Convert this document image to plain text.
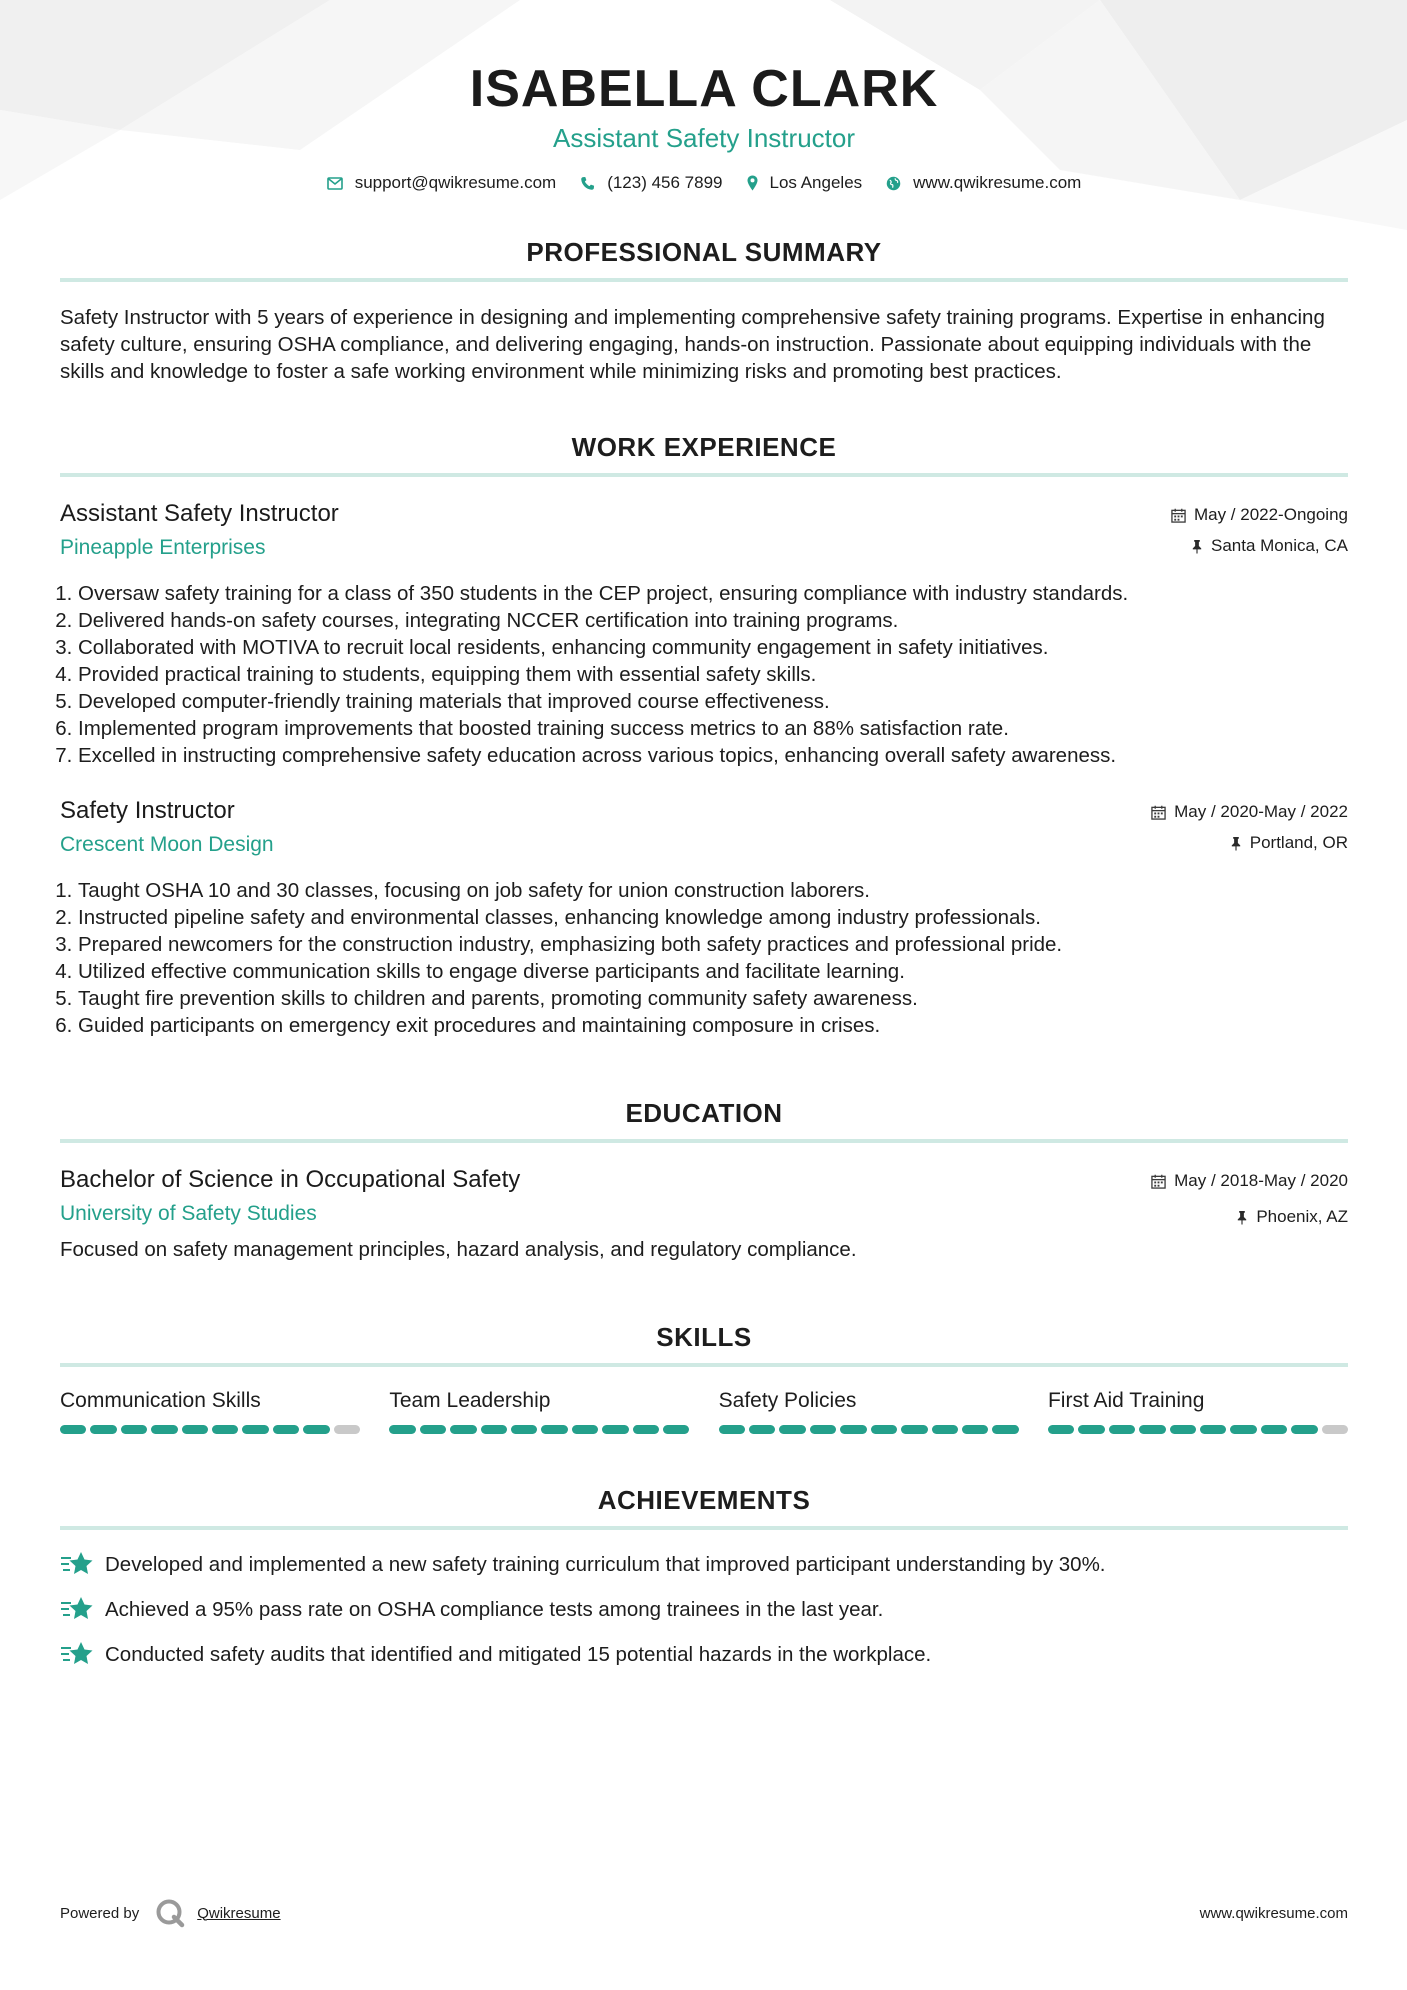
ISABELLA CLARK
Assistant Safety Instructor
support@qwikresume.com	(123) 456 7899	Los Angeles	www.qwikresume.com
PROFESSIONAL SUMMARY

Safety Instructor with 5 years of experience in designing and implementing comprehensive safety training programs. Expertise in enhancing safety culture, ensuring OSHA compliance, and delivering engaging, hands-on instruction. Passionate about equipping individuals with the skills and knowledge to foster a safe working environment while minimizing risks and promoting best practices.

WORK EXPERIENCE
Assistant Safety Instructor
Pineapple Enterprises
May / 2022-Ongoing
Santa Monica, CA
1. Oversaw safety training for a class of 350 students in the CEP project, ensuring compliance with industry standards.
2. Delivered hands-on safety courses, integrating NCCER certification into training programs.
3. Collaborated with MOTIVA to recruit local residents, enhancing community engagement in safety initiatives.
4. Provided practical training to students, equipping them with essential safety skills.
5. Developed computer-friendly training materials that improved course effectiveness.
6. Implemented program improvements that boosted training success metrics to an 88% satisfaction rate.
7. Excelled in instructing comprehensive safety education across various topics, enhancing overall safety awareness.
Safety Instructor
Crescent Moon Design
May / 2020-May / 2022
Portland, OR
1. Taught OSHA 10 and 30 classes, focusing on job safety for union construction laborers.
2. Instructed pipeline safety and environmental classes, enhancing knowledge among industry professionals.
3. Prepared newcomers for the construction industry, emphasizing both safety practices and professional pride.
4. Utilized effective communication skills to engage diverse participants and facilitate learning.
5. Taught fire prevention skills to children and parents, promoting community safety awareness.
6. Guided participants on emergency exit procedures and maintaining composure in crises.
EDUCATION
Bachelor of Science in Occupational Safety
University of Safety Studies
May / 2018-May / 2020
Phoenix, AZ

Focused on safety management principles, hazard analysis, and regulatory compliance.

SKILLS
Communication Skills	Team Leadership	Safety Policies	First Aid Training
ACHIEVEMENTS
Developed and implemented a new safety training curriculum that improved participant understanding by 30%.
Achieved a 95% pass rate on OSHA compliance tests among trainees in the last year.
Conducted safety audits that identified and mitigated 15 potential hazards in the workplace.
Powered by	Qwikresume	www.qwikresume.com
